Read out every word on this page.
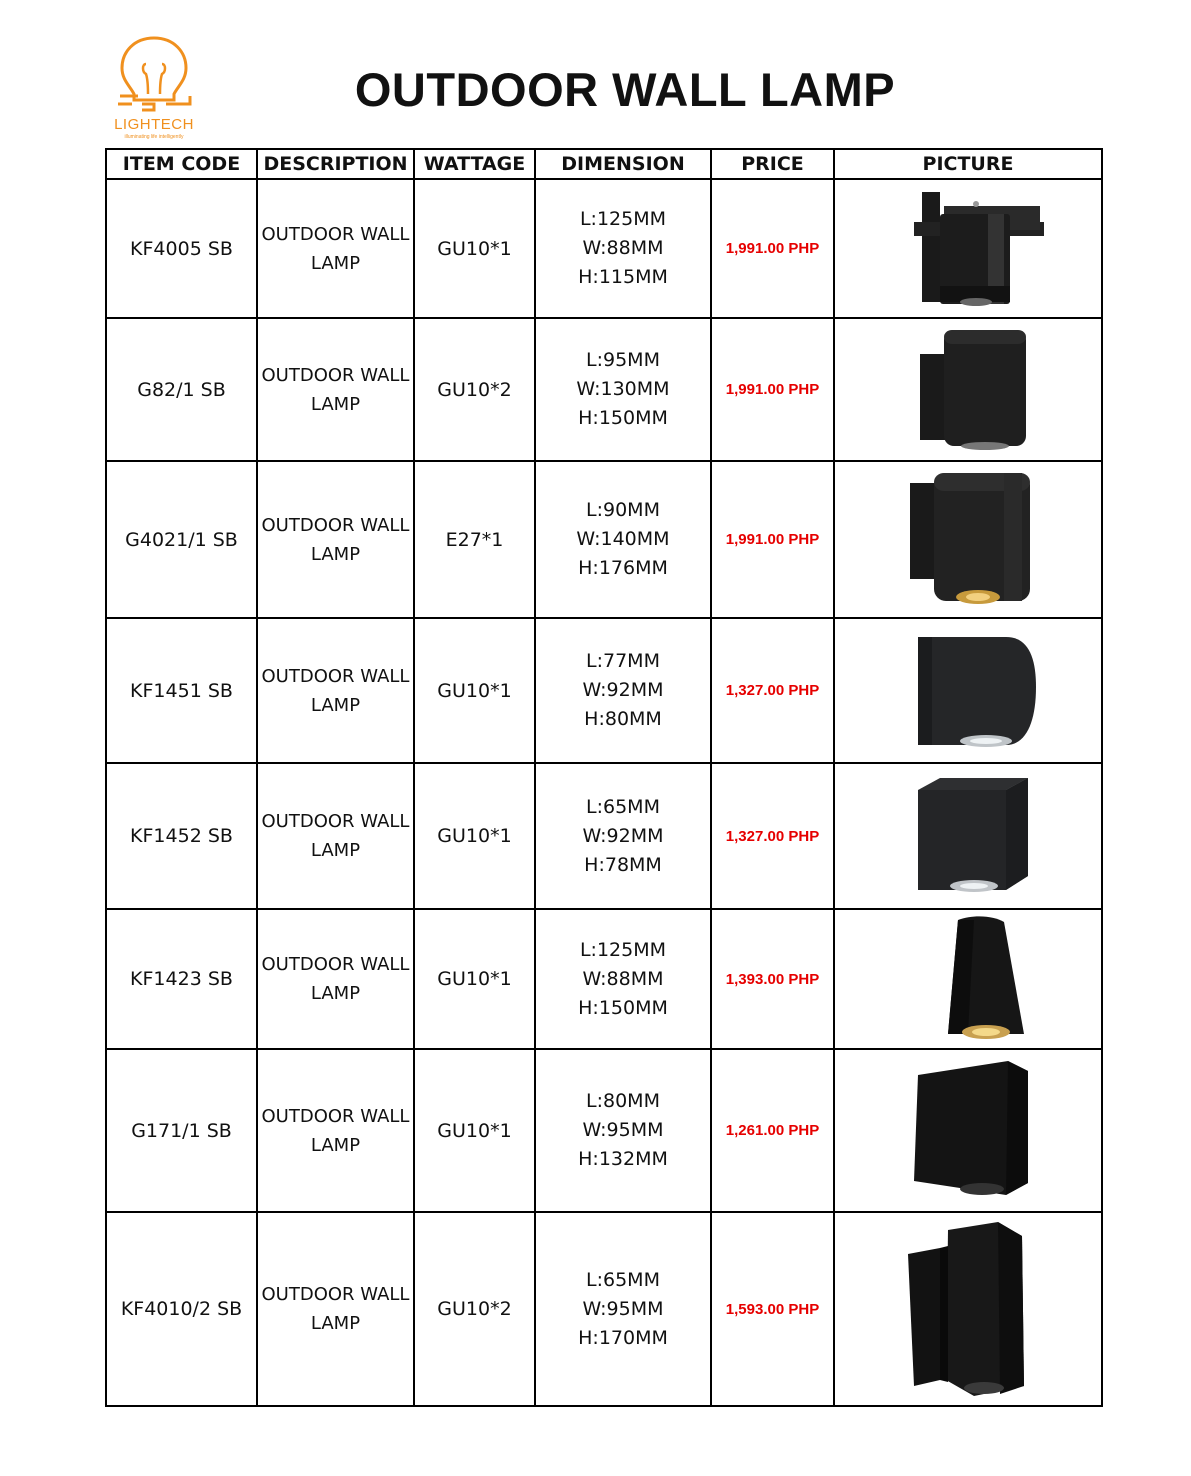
LIGHTECH
illuminating life intelligently
OUTDOOR WALL LAMP
ITEM CODE	DESCRIPTION	WATTAGE	DIMENSION	PRICE	PICTURE
KF4005 SB	OUTDOOR WALL
LAMP	GU10*1	L:125MM
W:88MM
H:115MM	1,991.00 PHP	

G82/1 SB	OUTDOOR WALL
LAMP	GU10*2	L:95MM
W:130MM
H:150MM	1,991.00 PHP	

G4021/1 SB	OUTDOOR WALL
LAMP	E27*1	L:90MM
W:140MM
H:176MM	1,991.00 PHP	

KF1451 SB	OUTDOOR WALL
LAMP	GU10*1	L:77MM
W:92MM
H:80MM	1,327.00 PHP	

KF1452 SB	OUTDOOR WALL
LAMP	GU10*1	L:65MM
W:92MM
H:78MM	1,327.00 PHP	

KF1423 SB	OUTDOOR WALL
LAMP	GU10*1	L:125MM
W:88MM
H:150MM	1,393.00 PHP	

G171/1 SB	OUTDOOR WALL
LAMP	GU10*1	L:80MM
W:95MM
H:132MM	1,261.00 PHP	

KF4010/2 SB	OUTDOOR WALL
LAMP	GU10*2	L:65MM
W:95MM
H:170MM	1,593.00 PHP	
